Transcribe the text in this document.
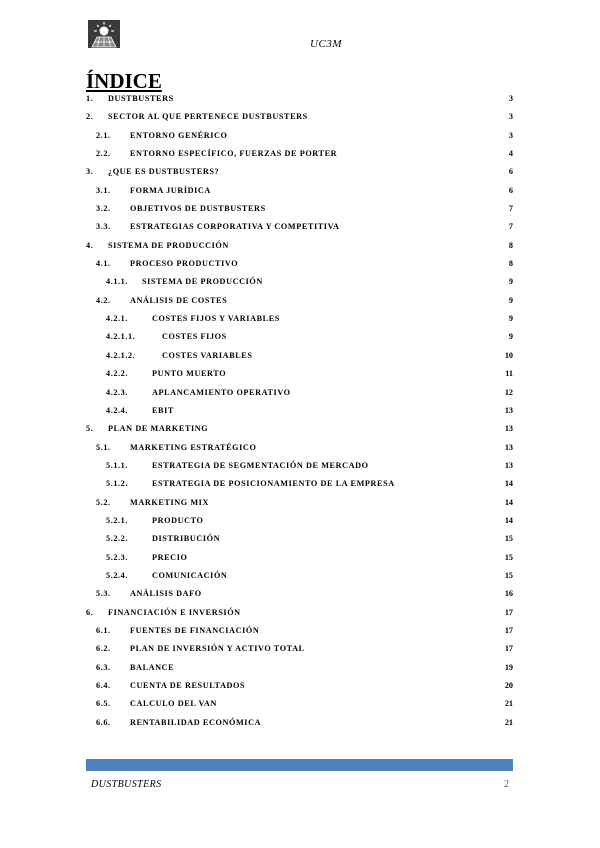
UC3M
ÍNDICE
1. DUSTBUSTERS	3
2. SECTOR AL QUE PERTENECE DUSTBUSTERS	3
2.1. ENTORNO GENÉRICO	3
2.2. ENTORNO ESPECÍFICO, FUERZAS DE PORTER	4
3. ¿QUE ES DUSTBUSTERS?	6
3.1. FORMA JURÍDICA	6
3.2. OBJETIVOS DE DUSTBUSTERS	7
3.3. ESTRATEGIAS CORPORATIVA Y COMPETITIVA	7
4. SISTEMA DE PRODUCCIÓN	8
4.1. PROCESO PRODUCTIVO	8
4.1.1. SISTEMA DE PRODUCCIÓN	9
4.2. ANÁLISIS DE COSTES	9
4.2.1.	COSTES FIJOS Y VARIABLES	9
4.2.1.1.	COSTES FIJOS	9
4.2.1.2.	COSTES VARIABLES	10
4.2.2.	PUNTO MUERTO	11
4.2.3.	APLANCAMIENTO OPERATIVO	12
4.2.4.	EBIT	13
5. PLAN DE MARKETING	13
5.1. MARKETING ESTRATÉGICO	13
5.1.1.	ESTRATEGIA DE SEGMENTACIÓN DE MERCADO	13
5.1.2.	ESTRATEGIA DE POSICIONAMIENTO DE LA EMPRESA	14
5.2. MARKETING MIX	14
5.2.1.	PRODUCTO	14
5.2.2.	DISTRIBUCIÓN	15
5.2.3.	PRECIO	15
5.2.4.	COMUNICACIÓN	15
5.3. ANÁLISIS DAFO	16
6. FINANCIACIÓN E INVERSIÓN	17
6.1. FUENTES DE FINANCIACIÓN	17
6.2. PLAN DE INVERSIÓN Y ACTIVO TOTAL	17
6.3. BALANCE	19
6.4. CUENTA DE RESULTADOS	20
6.5. CALCULO DEL VAN	21
6.6. RENTABILIDAD ECONÓMICA	21
DUSTBUSTERS	2
